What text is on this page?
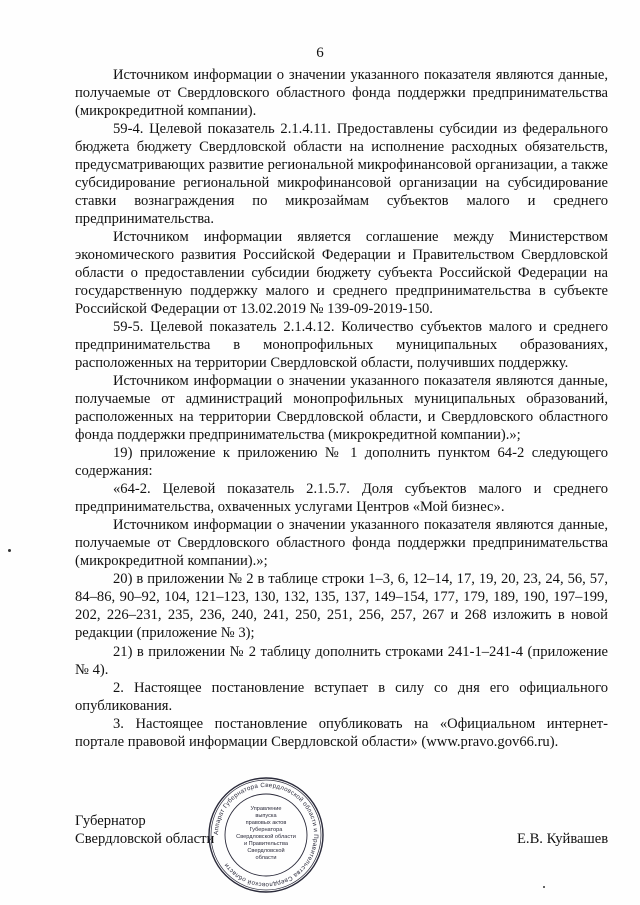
6

Источником информации о значении указанного показателя являются данные, получаемые от Свердловского областного фонда поддержки предпринимательства (микрокредитной компании).

59-4. Целевой показатель 2.1.4.11. Предоставлены субсидии из федерального бюджета бюджету Свердловской области на исполнение расходных обязательств, предусматривающих развитие региональной микрофинансовой организации, а также субсидирование региональной микрофинансовой организации на субсидирование ставки вознаграждения по микрозаймам субъектов малого и среднего предпринимательства.

Источником информации является соглашение между Министерством экономического развития Российской Федерации и Правительством Свердловской области о предоставлении субсидии бюджету субъекта Российской Федерации на государственную поддержку малого и среднего предпринимательства в субъекте Российской Федерации от 13.02.2019 № 139-09-2019-150.

59-5. Целевой показатель 2.1.4.12. Количество субъектов малого и среднего предпринимательства в монопрофильных муниципальных образованиях, расположенных на территории Свердловской области, получивших поддержку.

Источником информации о значении указанного показателя являются данные, получаемые от администраций монопрофильных муниципальных образований, расположенных на территории Свердловской области, и Свердловского областного фонда поддержки предпринимательства (микрокредитной компании).»;

19) приложение к приложению № 1 дополнить пунктом 64-2 следующего содержания:

«64-2. Целевой показатель 2.1.5.7. Доля субъектов малого и среднего предпринимательства, охваченных услугами Центров «Мой бизнес».

Источником информации о значении указанного показателя являются данные, получаемые от Свердловского областного фонда поддержки предпринимательства (микрокредитной компании).»;

20) в приложении № 2 в таблице строки 1–3, 6, 12–14, 17, 19, 20, 23, 24, 56, 57, 84–86, 90–92, 104, 121–123, 130, 132, 135, 137, 149–154, 177, 179, 189, 190, 197–199, 202, 226–231, 235, 236, 240, 241, 250, 251, 256, 257, 267 и 268 изложить в новой редакции (приложение № 3);

21) в приложении № 2 таблицу дополнить строками 241-1–241-4 (приложение № 4).

2. Настоящее постановление вступает в силу со дня его официального опубликования.

3. Настоящее постановление опубликовать на «Официальном интернет-портале правовой информации Свердловской области» (www.pravo.gov66.ru).

Губернатор
Свердловской области	Е.В. Куйвашев
Аппарат Губернатора Свердловской области и Правительства Свердловской области
Управление
выпуска
правовых актов
Губернатора
Свердловской области
и Правительства
Свердловской
области
